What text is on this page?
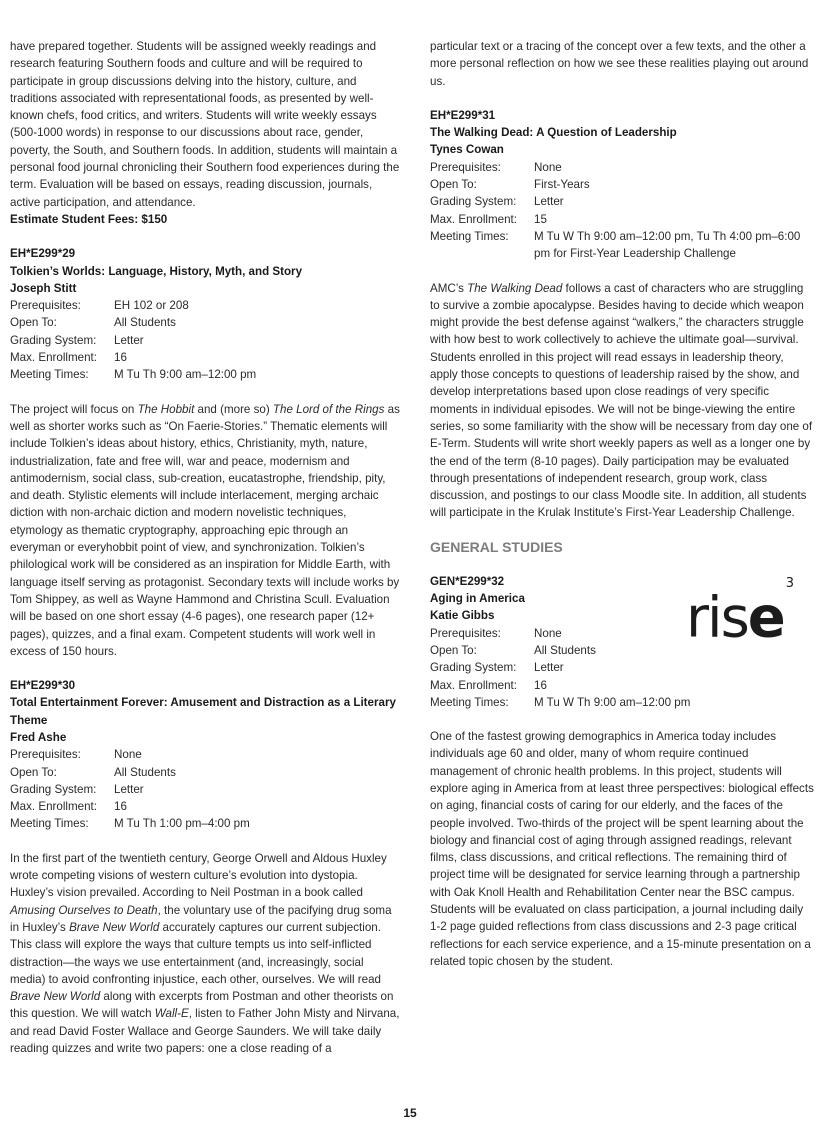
have prepared together. Students will be assigned weekly readings and research featuring Southern foods and culture and will be required to participate in group discussions delving into the history, culture, and traditions associated with representational foods, as presented by well-known chefs, food critics, and writers. Students will write weekly essays (500-1000 words) in response to our discussions about race, gender, poverty, the South, and Southern foods. In addition, students will maintain a personal food journal chronicling their Southern food experiences during the term. Evaluation will be based on essays, reading discussion, journals, active participation, and attendance.

Estimate Student Fees: $150

EH*E299*29

Tolkien’s Worlds: Language, History, Myth, and Story

Joseph Stitt

Prerequisites:	EH 102 or 208
Open To:	All Students
Grading System:	Letter
Max. Enrollment:	16
Meeting Times:	M Tu Th 9:00 am–12:00 pm

The project will focus on The Hobbit and (more so) The Lord of the Rings as well as shorter works such as “On Faerie-Stories.” Thematic elements will include Tolkien’s ideas about history, ethics, Christianity, myth, nature, industrialization, fate and free will, war and peace, modernism and antimodernism, social class, sub-creation, eucatastrophe, friendship, pity, and death. Stylistic elements will include interlacement, merging archaic diction with non-archaic diction and modern novelistic techniques, etymology as thematic cryptography, approaching epic through an everyman or everyhobbit point of view, and synchronization. Tolkien’s philological work will be considered as an inspiration for Middle Earth, with language itself serving as protagonist. Secondary texts will include works by Tom Shippey, as well as Wayne Hammond and Christina Scull. Evaluation will be based on one short essay (4-6 pages), one research paper (12+ pages), quizzes, and a final exam. Competent students will work well in excess of 150 hours.

EH*E299*30

Total Entertainment Forever: Amusement and Distraction as a Literary Theme

Fred Ashe

Prerequisites:	None
Open To:	All Students
Grading System:	Letter
Max. Enrollment:	16
Meeting Times:	M Tu Th 1:00 pm–4:00 pm

In the first part of the twentieth century, George Orwell and Aldous Huxley wrote competing visions of western culture’s evolution into dystopia. Huxley’s vision prevailed. According to Neil Postman in a book called Amusing Ourselves to Death, the voluntary use of the pacifying drug soma in Huxley’s Brave New World accurately captures our current subjection. This class will explore the ways that culture tempts us into self-inflicted distraction—the ways we use entertainment (and, increasingly, social media) to avoid confronting injustice, each other, ourselves. We will read Brave New World along with excerpts from Postman and other theorists on this question. We will watch Wall-E, listen to Father John Misty and Nirvana, and read David Foster Wallace and George Saunders. We will take daily reading quizzes and write two papers: one a close reading of a

particular text or a tracing of the concept over a few texts, and the other a more personal reflection on how we see these realities playing out around us.

EH*E299*31

The Walking Dead: A Question of Leadership

Tynes Cowan

Prerequisites:	None
Open To:	First-Years
Grading System:	Letter
Max. Enrollment:	15
Meeting Times:	M Tu W Th 9:00 am–12:00 pm, Tu Th 4:00 pm–6:00 pm for First-Year Leadership Challenge

AMC’s The Walking Dead follows a cast of characters who are struggling to survive a zombie apocalypse. Besides having to decide which weapon might provide the best defense against “walkers,” the characters struggle with how best to work collectively to achieve the ultimate goal—survival. Students enrolled in this project will read essays in leadership theory, apply those concepts to questions of leadership raised by the show, and develop interpretations based upon close readings of very specific moments in individual episodes. We will not be binge-viewing the entire series, so some familiarity with the show will be necessary from day one of E-Term. Students will write short weekly papers as well as a longer one by the end of the term (8-10 pages). Daily participation may be evaluated through presentations of independent research, group work, class discussion, and postings to our class Moodle site. In addition, all students will participate in the Krulak Institute’s First-Year Leadership Challenge.

GENERAL STUDIES

GEN*E299*32

Aging in America

Katie Gibbs

Prerequisites:	None
Open To:	All Students
Grading System:	Letter
Max. Enrollment:	16
Meeting Times:	M Tu W Th 9:00 am–12:00 pm

One of the fastest growing demographics in America today includes individuals age 60 and older, many of whom require continued management of chronic health problems. In this project, students will explore aging in America from at least three perspectives: biological effects on aging, financial costs of caring for our elderly, and the faces of the people involved. Two-thirds of the project will be spent learning about the biology and financial cost of aging through assigned readings, relevant films, class discussions, and critical reflections. The remaining third of project time will be designated for service learning through a partnership with Oak Knoll Health and Rehabilitation Center near the BSC campus. Students will be evaluated on class participation, a journal including daily 1-2 page guided reflections from class discussions and 2-3 page critical reflections for each service experience, and a 15-minute presentation on a related topic chosen by the student.

rise$^3$
15
